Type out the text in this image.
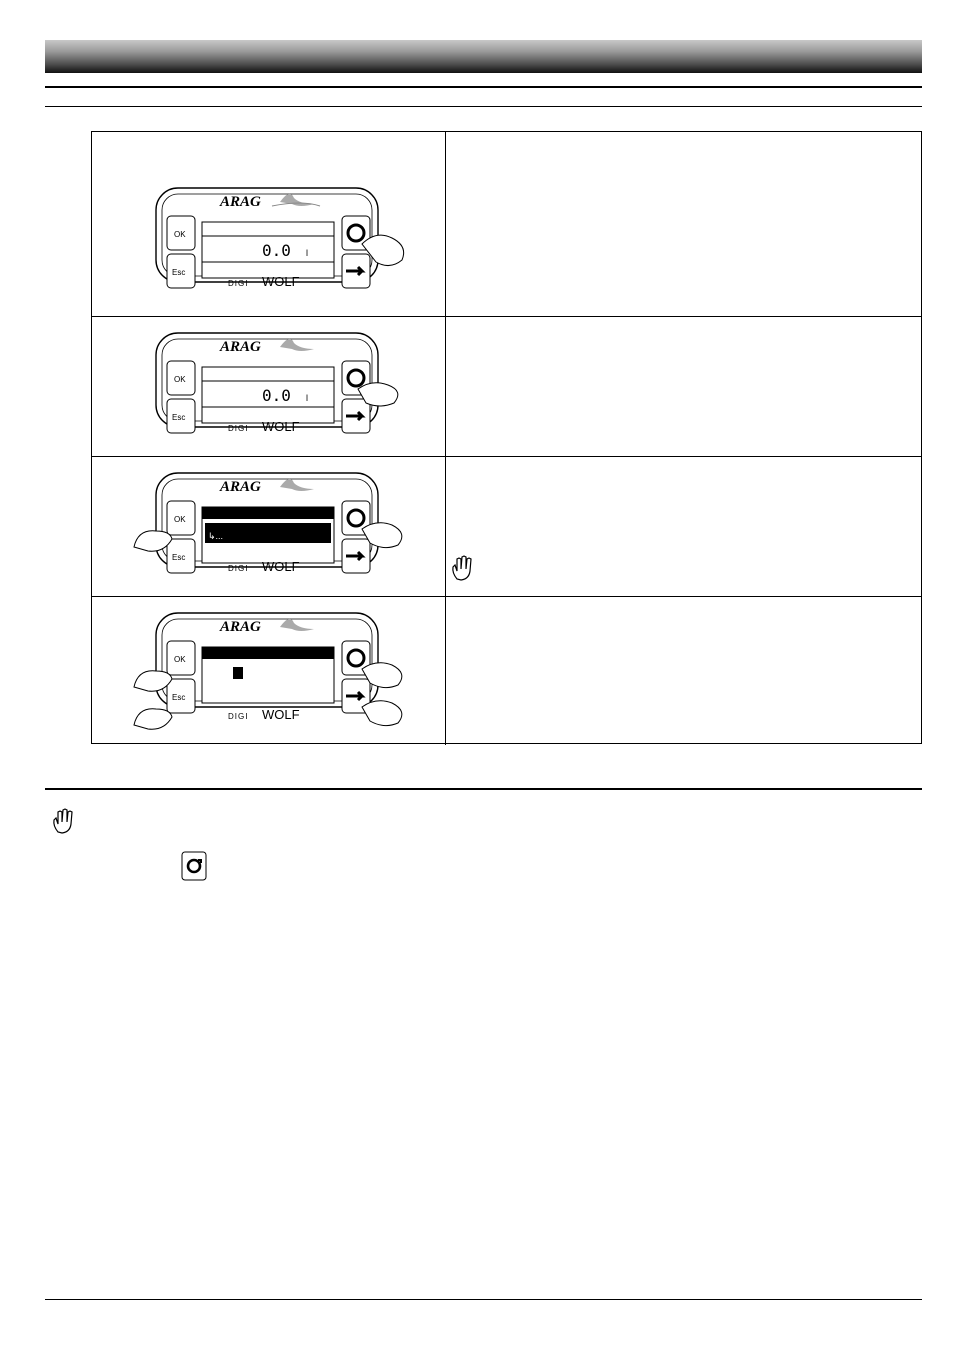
ARAG
OK
Esc
0.0 l
DIGI WOLF
ARAG
OK
Esc
0.0 l
DIGI WOLF
ARAG
OK
Esc
↳...
DIGI WOLF
ARAG
OK
Esc
DIGI WOLF
